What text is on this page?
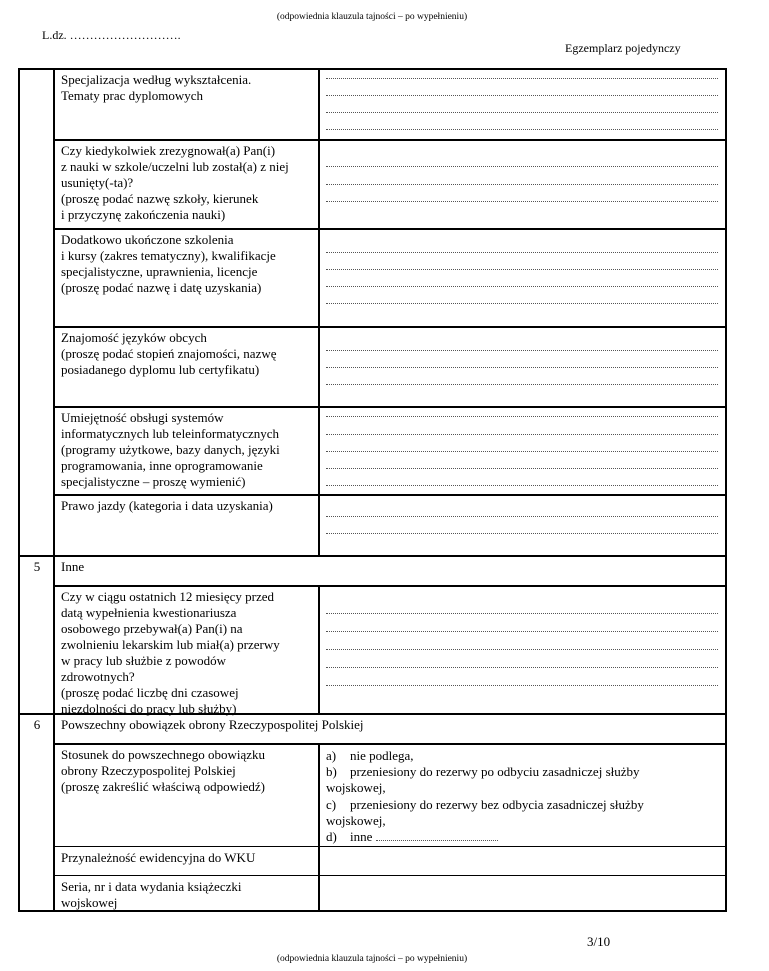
(odpowiednia klauzula tajności – po wypełnieniu)
L.dz. ……………………….
Egzemplarz pojedynczy
Specjalizacja według wykształcenia.
Tematy prac dyplomowych
Czy kiedykolwiek zrezygnował(a) Pan(i)
z nauki w szkole/uczelni lub został(a) z niej
usunięty(-ta)?
(proszę podać nazwę szkoły, kierunek
i przyczynę zakończenia nauki)
Dodatkowo ukończone szkolenia
i kursy (zakres tematyczny), kwalifikacje
specjalistyczne, uprawnienia, licencje
(proszę podać nazwę i datę uzyskania)
Znajomość języków obcych
(proszę podać stopień znajomości, nazwę
posiadanego dyplomu lub certyfikatu)
Umiejętność obsługi systemów
informatycznych lub teleinformatycznych
(programy użytkowe, bazy danych, języki
programowania, inne oprogramowanie
specjalistyczne – proszę wymienić)
Prawo jazdy (kategoria i data uzyskania)
5	Inne
Czy w ciągu ostatnich 12 miesięcy przed
datą wypełnienia kwestionariusza
osobowego przebywał(a) Pan(i) na
zwolnieniu lekarskim lub miał(a) przerwy
w pracy lub służbie z powodów
zdrowotnych?
(proszę podać liczbę dni czasowej
niezdolności do pracy lub służby)
6	Powszechny obowiązek obrony Rzeczypospolitej Polskiej
Stosunek do powszechnego obowiązku
obrony Rzeczypospolitej Polskiej
(proszę zakreślić właściwą odpowiedź)
Przynależność ewidencyjna do WKU
Seria, nr i data wydania książeczki
wojskowej
a) nie podlega,
b) przeniesiony do rezerwy po odbyciu zasadniczej służby
wojskowej,
c) przeniesiony do rezerwy bez odbycia zasadniczej służby
wojskowej,
d) inne
3/10
(odpowiednia klauzula tajności – po wypełnieniu)
